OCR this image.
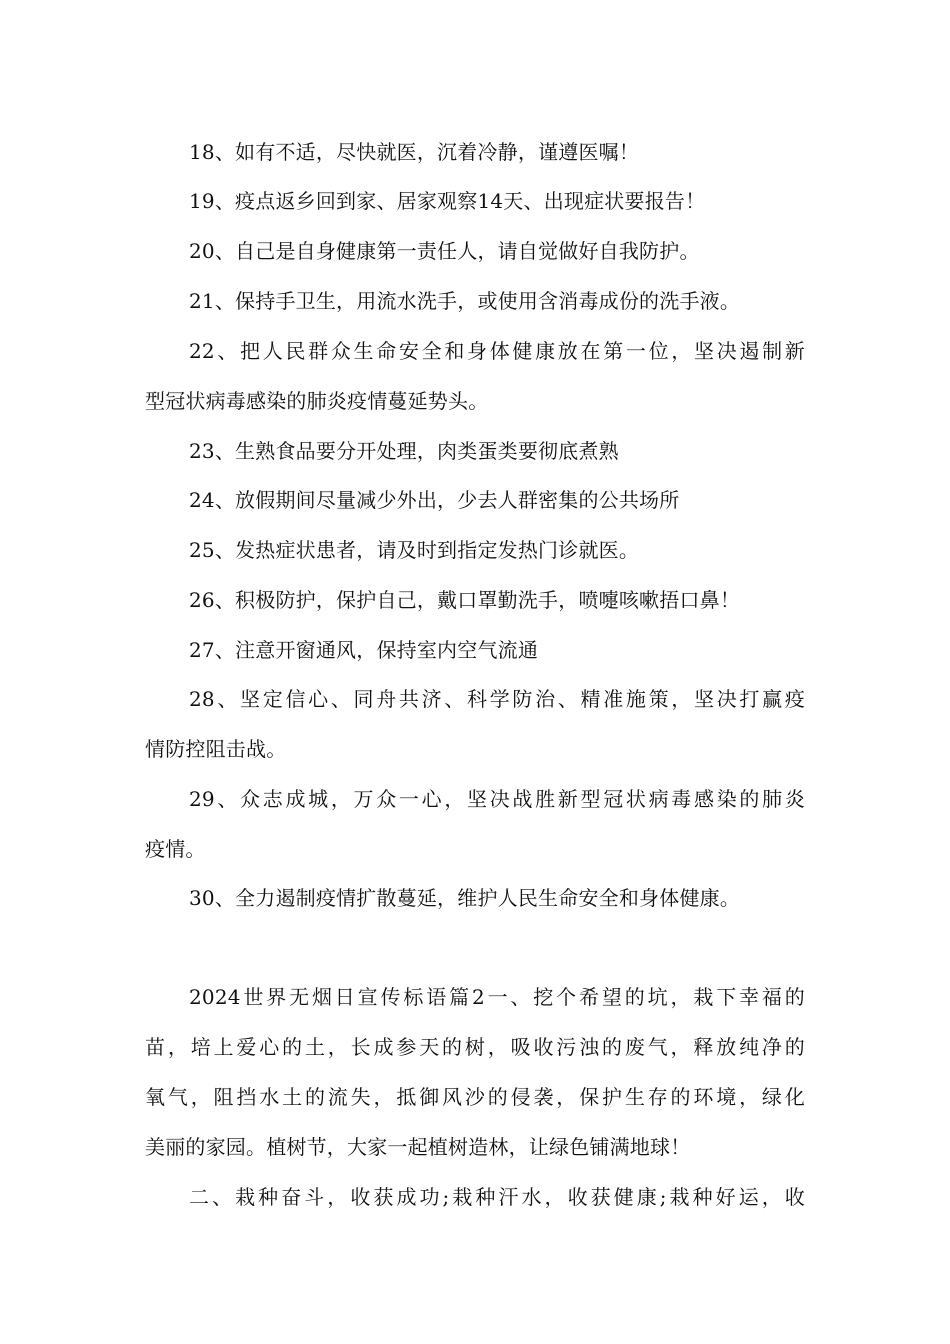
18、如有不适，尽快就医，沉着冷静，谨遵医嘱！
19、疫点返乡回到家、居家观察14天、出现症状要报告！
20、自己是自身健康第一责任人，请自觉做好自我防护。
21、保持手卫生，用流水洗手，或使用含消毒成份的洗手液。
22、把人民群众生命安全和身体健康放在第一位，坚决遏制新
型冠状病毒感染的肺炎疫情蔓延势头。
23、生熟食品要分开处理，肉类蛋类要彻底煮熟
24、放假期间尽量减少外出，少去人群密集的公共场所
25、发热症状患者，请及时到指定发热门诊就医。
26、积极防护，保护自己，戴口罩勤洗手，喷嚏咳嗽捂口鼻！
27、注意开窗通风，保持室内空气流通
28、坚定信心、同舟共济、科学防治、精准施策，坚决打赢疫
情防控阻击战。
29、众志成城，万众一心，坚决战胜新型冠状病毒感染的肺炎
疫情。
30、全力遏制疫情扩散蔓延，维护人民生命安全和身体健康。
2024世界无烟日宣传标语篇2一、挖个希望的坑，栽下幸福的
苗，培上爱心的土，长成参天的树，吸收污浊的废气，释放纯净的
氧气，阻挡水土的流失，抵御风沙的侵袭，保护生存的环境，绿化
美丽的家园。植树节，大家一起植树造林，让绿色铺满地球！
二、栽种奋斗，收获成功;栽种汗水，收获健康;栽种好运，收
